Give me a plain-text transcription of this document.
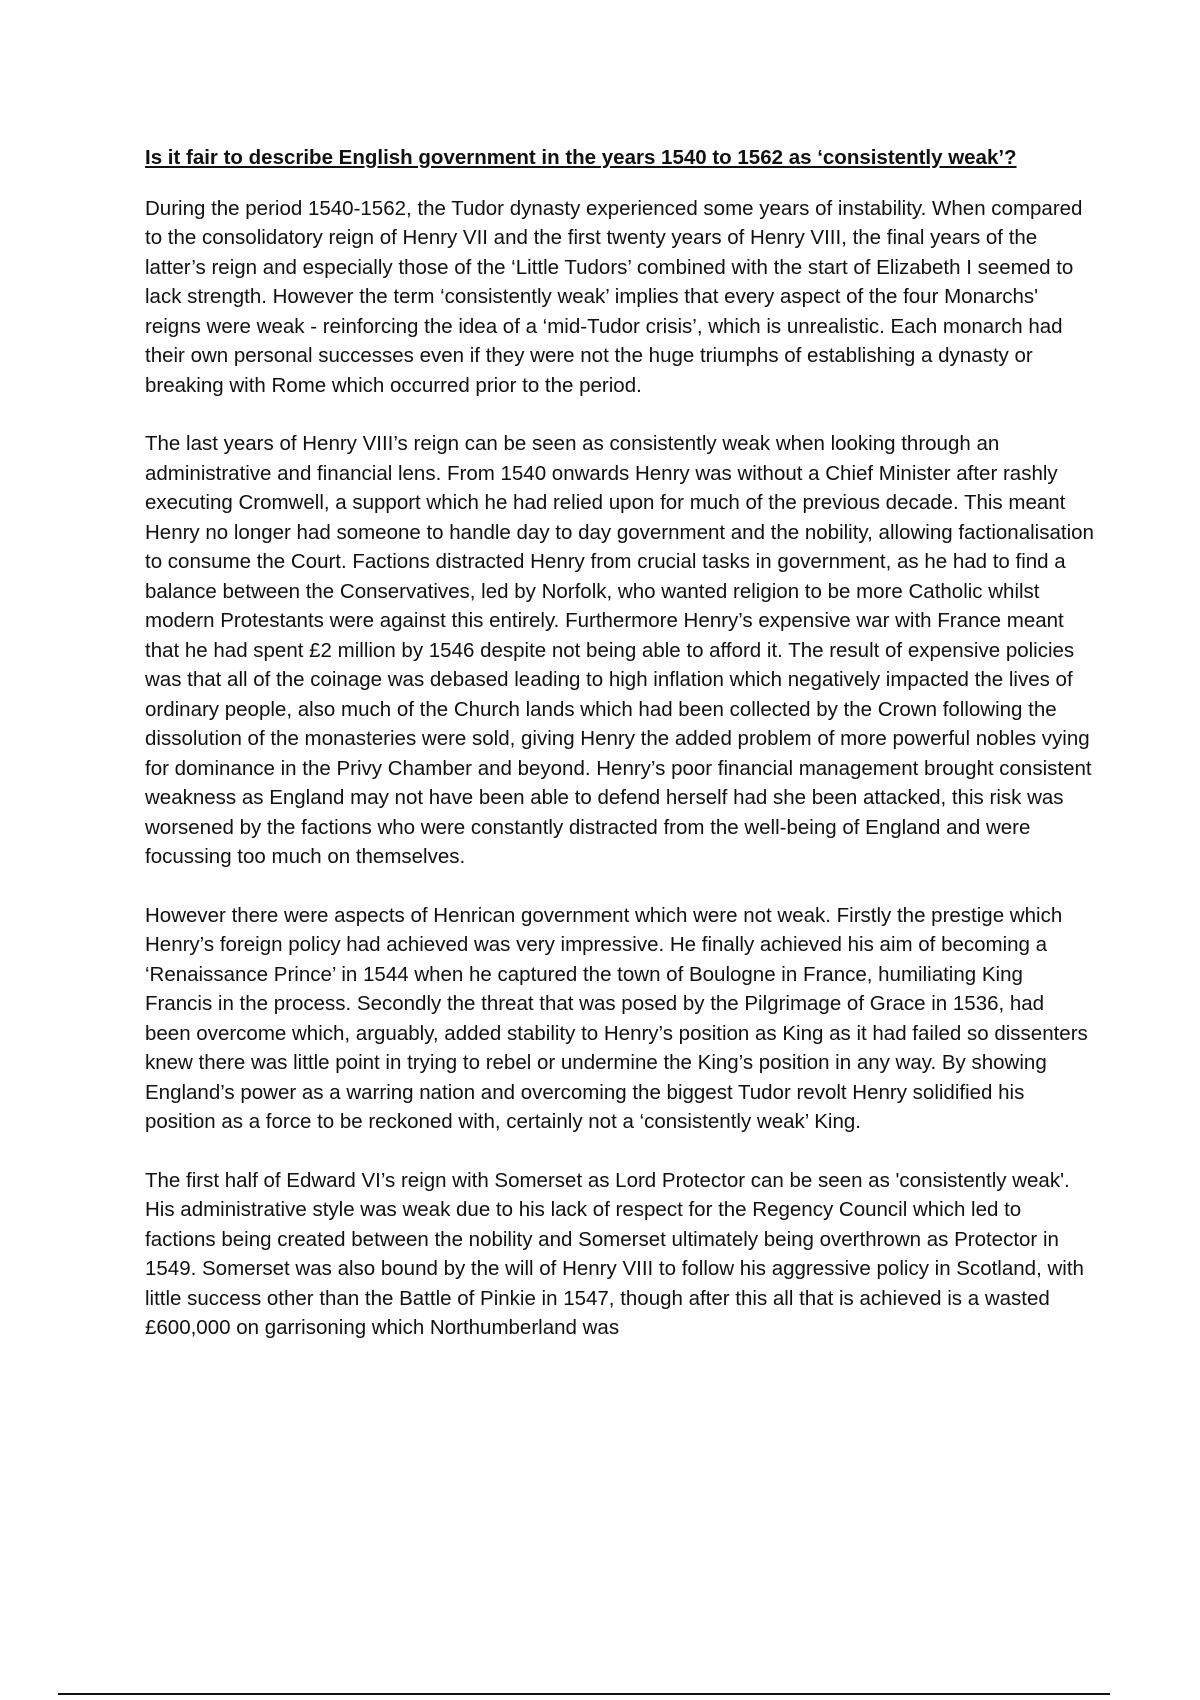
Is it fair to describe English government in the years 1540 to 1562 as ‘consistently weak’?

During the period 1540-1562, the Tudor dynasty experienced some years of instability. When compared to the consolidatory reign of Henry VII and the first twenty years of Henry VIII, the final years of the latter’s reign and especially those of the ‘Little Tudors’ combined with the start of Elizabeth I seemed to lack strength. However the term ‘consistently weak’ implies that every aspect of the four Monarchs' reigns were weak - reinforcing the idea of a ‘mid-Tudor crisis’, which is unrealistic. Each monarch had their own personal successes even if they were not the huge triumphs of establishing a dynasty or breaking with Rome which occurred prior to the period.

The last years of Henry VIII’s reign can be seen as consistently weak when looking through an administrative and financial lens. From 1540 onwards Henry was without a Chief Minister after rashly executing Cromwell, a support which he had relied upon for much of the previous decade. This meant Henry no longer had someone to handle day to day government and the nobility, allowing factionalisation to consume the Court. Factions distracted Henry from crucial tasks in government, as he had to find a balance between the Conservatives, led by Norfolk, who wanted religion to be more Catholic whilst modern Protestants were against this entirely. Furthermore Henry’s expensive war with France meant that he had spent £2 million by 1546 despite not being able to afford it. The result of expensive policies was that all of the coinage was debased leading to high inflation which negatively impacted the lives of ordinary people, also much of the Church lands which had been collected by the Crown following the dissolution of the monasteries were sold, giving Henry the added problem of more powerful nobles vying for dominance in the Privy Chamber and beyond. Henry’s poor financial management brought consistent weakness as England may not have been able to defend herself had she been attacked, this risk was worsened by the factions who were constantly distracted from the well-being of England and were focussing too much on themselves.

However there were aspects of Henrican government which were not weak. Firstly the prestige which Henry’s foreign policy had achieved was very impressive. He finally achieved his aim of becoming a ‘Renaissance Prince’ in 1544 when he captured the town of Boulogne in France, humiliating King Francis in the process. Secondly the threat that was posed by the Pilgrimage of Grace in 1536, had been overcome which, arguably, added stability to Henry’s position as King as it had failed so dissenters knew there was little point in trying to rebel or undermine the King’s position in any way. By showing England’s power as a warring nation and overcoming the biggest Tudor revolt Henry solidified his position as a force to be reckoned with, certainly not a ‘consistently weak’ King.

The first half of Edward VI’s reign with Somerset as Lord Protector can be seen as 'consistently weak'. His administrative style was weak due to his lack of respect for the Regency Council which led to factions being created between the nobility and Somerset ultimately being overthrown as Protector in 1549. Somerset was also bound by the will of Henry VIII to follow his aggressive policy in Scotland, with little success other than the Battle of Pinkie in 1547, though after this all that is achieved is a wasted £600,000 on garrisoning which Northumberland was
